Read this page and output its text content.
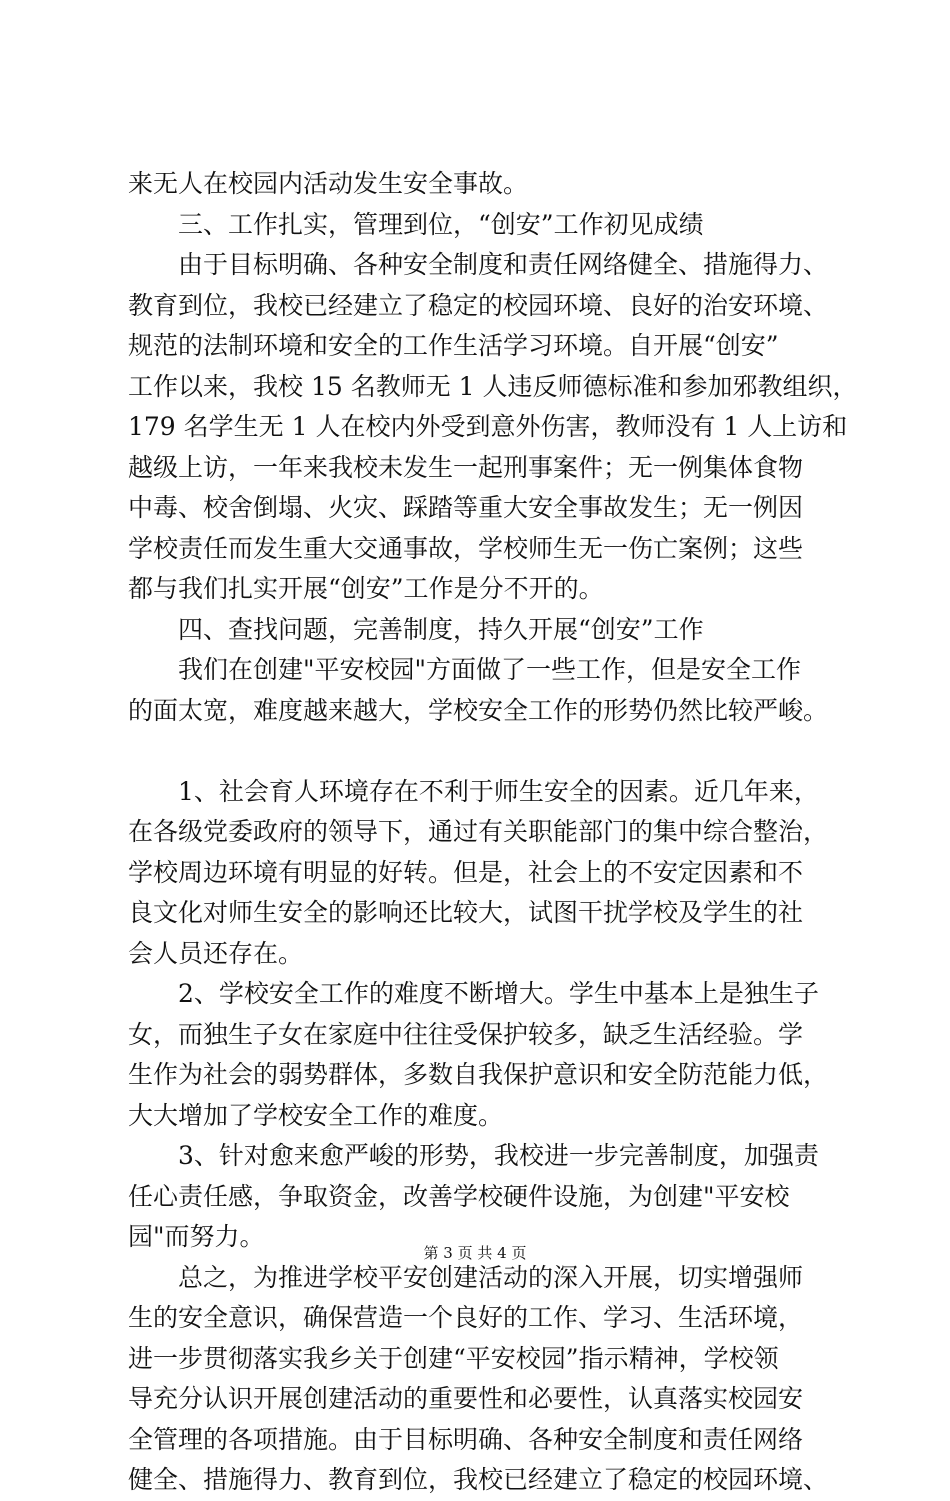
来无人在校园内活动发生安全事故。
　　三、工作扎实，管理到位，“创安”工作初见成绩
　　由于目标明确、各种安全制度和责任网络健全、措施得力、
教育到位，我校已经建立了稳定的校园环境、良好的治安环境、
规范的法制环境和安全的工作生活学习环境。自开展“创安”
工作以来，我校 15 名教师无 1 人违反师德标准和参加邪教组织，
179 名学生无 1 人在校内外受到意外伤害，教师没有 1 人上访和
越级上访，一年来我校未发生一起刑事案件；无一例集体食物
中毒、校舍倒塌、火灾、踩踏等重大安全事故发生；无一例因
学校责任而发生重大交通事故，学校师生无一伤亡案例；这些
都与我们扎实开展“创安”工作是分不开的。
　　四、查找问题，完善制度，持久开展“创安”工作
　　我们在创建"平安校园"方面做了一些工作，但是安全工作
的面太宽，难度越来越大，学校安全工作的形势仍然比较严峻。
　　1、社会育人环境存在不利于师生安全的因素。近几年来，
在各级党委政府的领导下，通过有关职能部门的集中综合整治，
学校周边环境有明显的好转。但是，社会上的不安定因素和不
良文化对师生安全的影响还比较大，试图干扰学校及学生的社
会人员还存在。
　　2、学校安全工作的难度不断增大。学生中基本上是独生子
女，而独生子女在家庭中往往受保护较多，缺乏生活经验。学
生作为社会的弱势群体，多数自我保护意识和安全防范能力低，
大大增加了学校安全工作的难度。
　　3、针对愈来愈严峻的形势，我校进一步完善制度，加强责
任心责任感，争取资金，改善学校硬件设施，为创建"平安校
园"而努力。
　　总之，为推进学校平安创建活动的深入开展，切实增强师
生的安全意识，确保营造一个良好的工作、学习、生活环境，
进一步贯彻落实我乡关于创建“平安校园”指示精神，学校领
导充分认识开展创建活动的重要性和必要性，认真落实校园安
全管理的各项措施。由于目标明确、各种安全制度和责任网络
健全、措施得力、教育到位，我校已经建立了稳定的校园环境、
第 3 页 共 4 页
